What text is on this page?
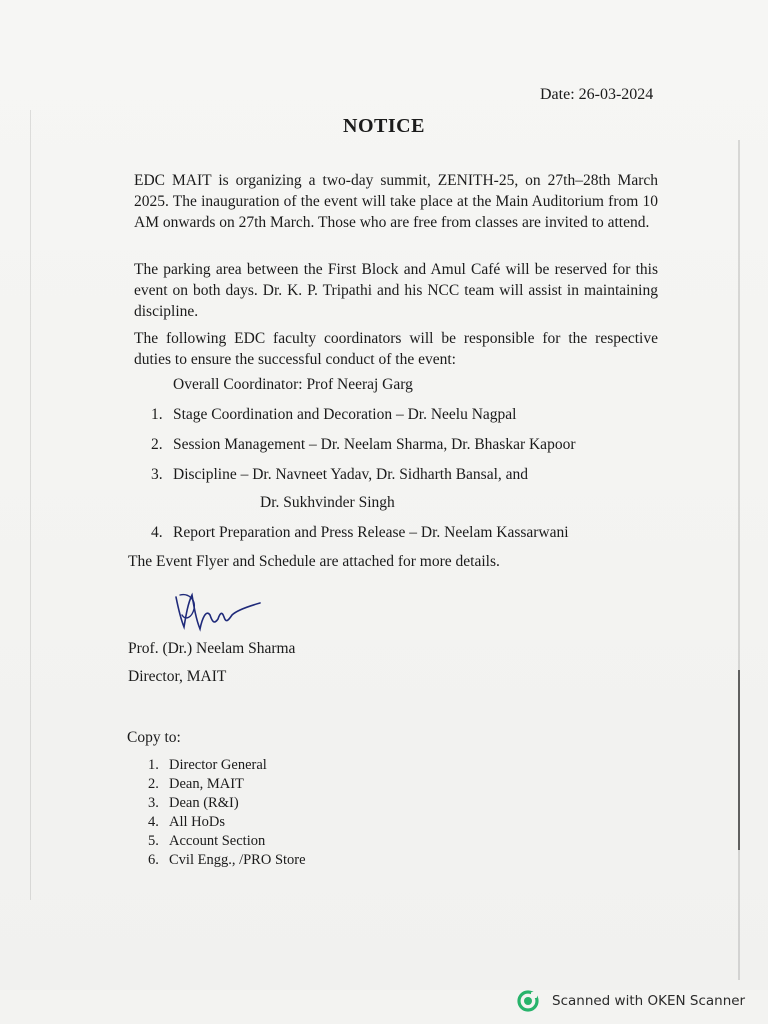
Date: 26-03-2024
NOTICE
EDC MAIT is organizing a two-day summit, ZENITH-25, on 27th–28th March 2025. The inauguration of the event will take place at the Main Auditorium from 10 AM onwards on 27th March. Those who are free from classes are invited to attend.
The parking area between the First Block and Amul Café will be reserved for this event on both days. Dr. K. P. Tripathi and his NCC team will assist in maintaining discipline.
The following EDC faculty coordinators will be responsible for the respective duties to ensure the successful conduct of the event:
Overall Coordinator: Prof Neeraj Garg
1. Stage Coordination and Decoration – Dr. Neelu Nagpal
2. Session Management – Dr. Neelam Sharma, Dr. Bhaskar Kapoor
3. Discipline – Dr. Navneet Yadav, Dr. Sidharth Bansal, and
Dr. Sukhvinder Singh
4. Report Preparation and Press Release – Dr. Neelam Kassarwani
The Event Flyer and Schedule are attached for more details.
Prof. (Dr.) Neelam Sharma
Director, MAIT
Copy to:
1. Director General
2. Dean, MAIT
3. Dean (R&I)
4. All HoDs
5. Account Section
6. Cvil Engg., /PRO Store
Scanned with OKEN Scanner
